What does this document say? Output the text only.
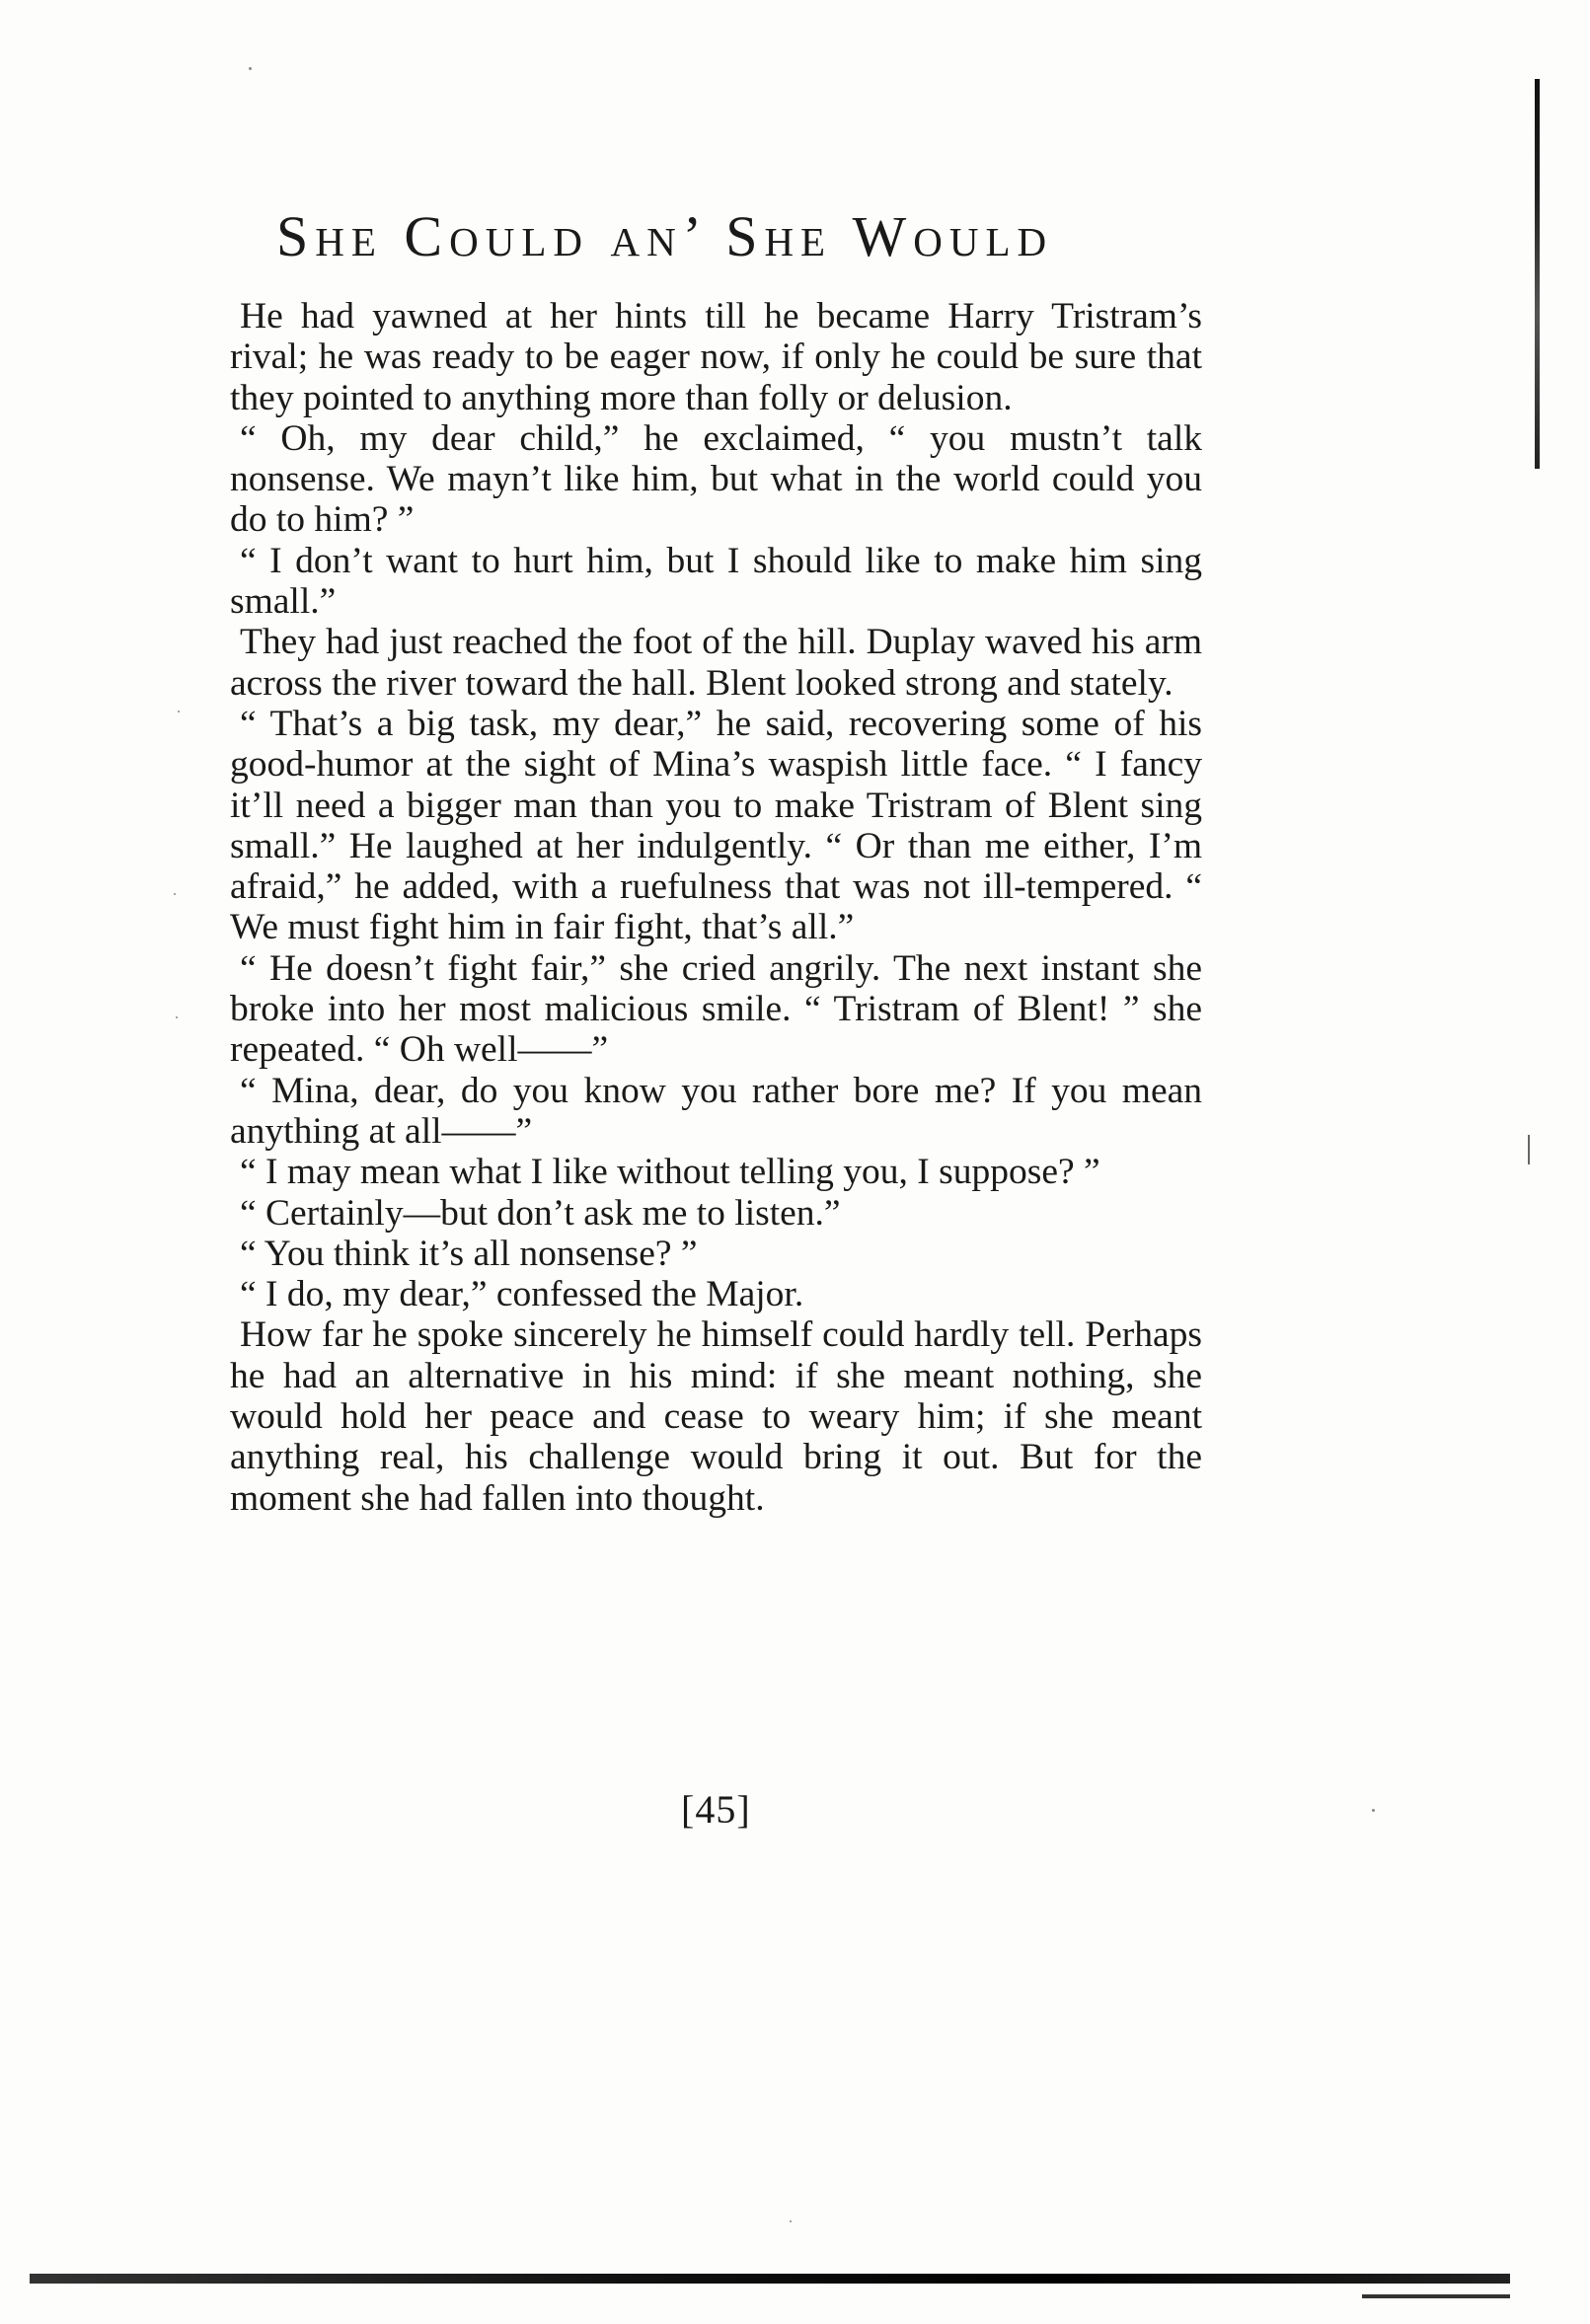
She Could an’ She Would

He had yawned at her hints till he became Harry Tristram’s rival; he was ready to be eager now, if only he could be sure that they pointed to anything more than folly or delusion.

“ Oh, my dear child,” he exclaimed, “ you mustn’t talk nonsense. We mayn’t like him, but what in the world could you do to him? ”

“ I don’t want to hurt him, but I should like to make him sing small.”

They had just reached the foot of the hill. Duplay waved his arm across the river toward the hall. Blent looked strong and stately.

“ That’s a big task, my dear,” he said, recovering some of his good-humor at the sight of Mina’s waspish little face. “ I fancy it’ll need a bigger man than you to make Tristram of Blent sing small.” He laughed at her indulgently. “ Or than me either, I’m afraid,” he added, with a ruefulness that was not ill-tempered. “ We must fight him in fair fight, that’s all.”

“ He doesn’t fight fair,” she cried angrily. The next instant she broke into her most malicious smile. “ Tristram of Blent! ” she repeated. “ Oh well——”

“ Mina, dear, do you know you rather bore me? If you mean anything at all——”

“ I may mean what I like without telling you, I suppose? ”

“ Certainly—but don’t ask me to listen.”

“ You think it’s all nonsense? ”

“ I do, my dear,” confessed the Major.

How far he spoke sincerely he himself could hardly tell. Perhaps he had an alternative in his mind: if she meant nothing, she would hold her peace and cease to weary him; if she meant anything real, his challenge would bring it out. But for the moment she had fallen into thought.

[45]
